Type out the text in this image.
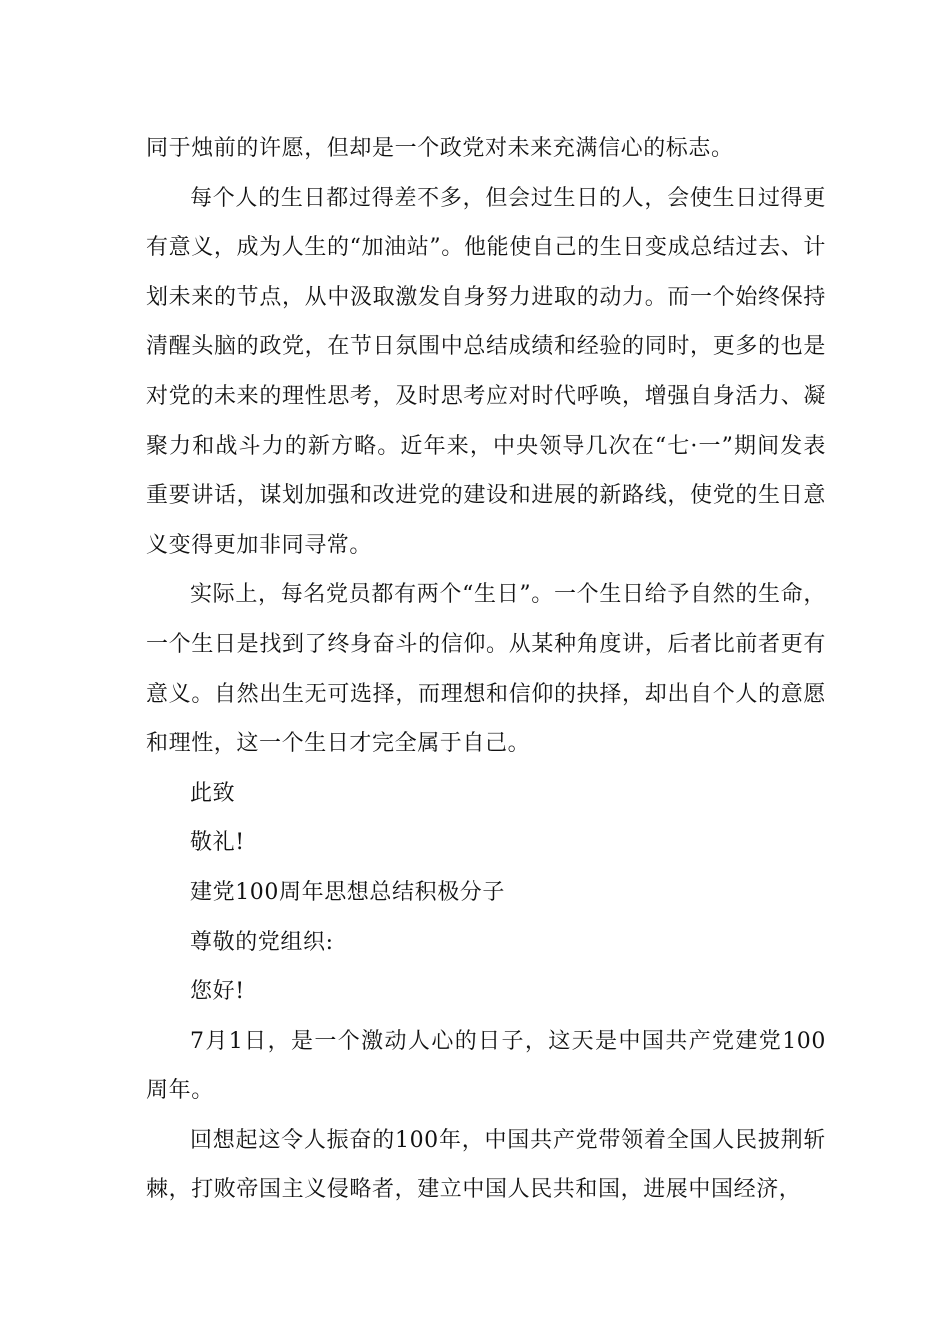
同于烛前的许愿，但却是一个政党对未来充满信心的标志。

每个人的生日都过得差不多，但会过生日的人，会使生日过得更有意义，成为人生的“加油站”。他能使自己的生日变成总结过去、计划未来的节点，从中汲取激发自身努力进取的动力。而一个始终保持清醒头脑的政党，在节日氛围中总结成绩和经验的同时，更多的也是对党的未来的理性思考，及时思考应对时代呼唤，增强自身活力、凝聚力和战斗力的新方略。近年来，中央领导几次在“七·一”期间发表重要讲话，谋划加强和改进党的建设和进展的新路线，使党的生日意义变得更加非同寻常。

实际上，每名党员都有两个“生日”。一个生日给予自然的生命，一个生日是找到了终身奋斗的信仰。从某种角度讲，后者比前者更有意义。自然出生无可选择，而理想和信仰的抉择，却出自个人的意愿和理性，这一个生日才完全属于自己。

此致

敬礼!

建党100周年思想总结积极分子

尊敬的党组织:

您好!

7月1日，是一个激动人心的日子，这天是中国共产党建党100周年。

回想起这令人振奋的100年，中国共产党带领着全国人民披荆斩棘，打败帝国主义侵略者，建立中国人民共和国，进展中国经济，
